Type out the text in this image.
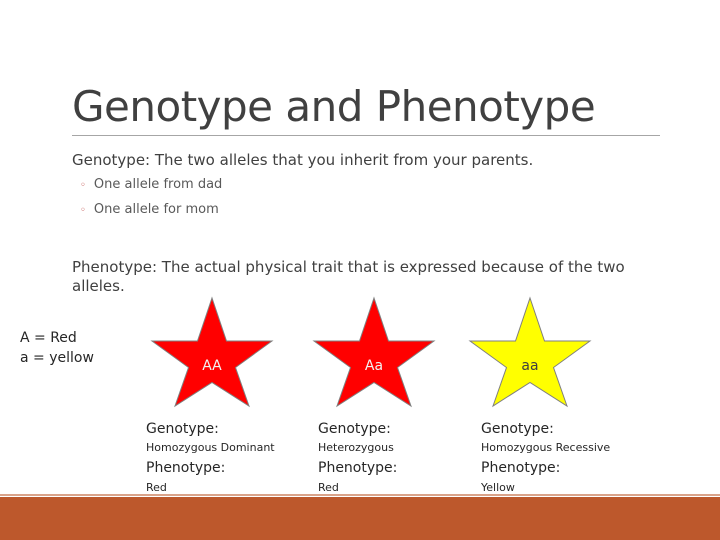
Genotype and Phenotype
Genotype: The two alleles that you inherit from your parents.
◦ One allele from dad
◦ One allele for mom
Phenotype: The actual physical trait that is expressed because of the two alleles.
A = Red
a = yellow	AA	Aa	aa
Genotype:
Homozygous Dominant
Phenotype:
Red
Genotype:
Heterozygous
Phenotype:
Red
Genotype:
Homozygous Recessive
Phenotype:
Yellow
